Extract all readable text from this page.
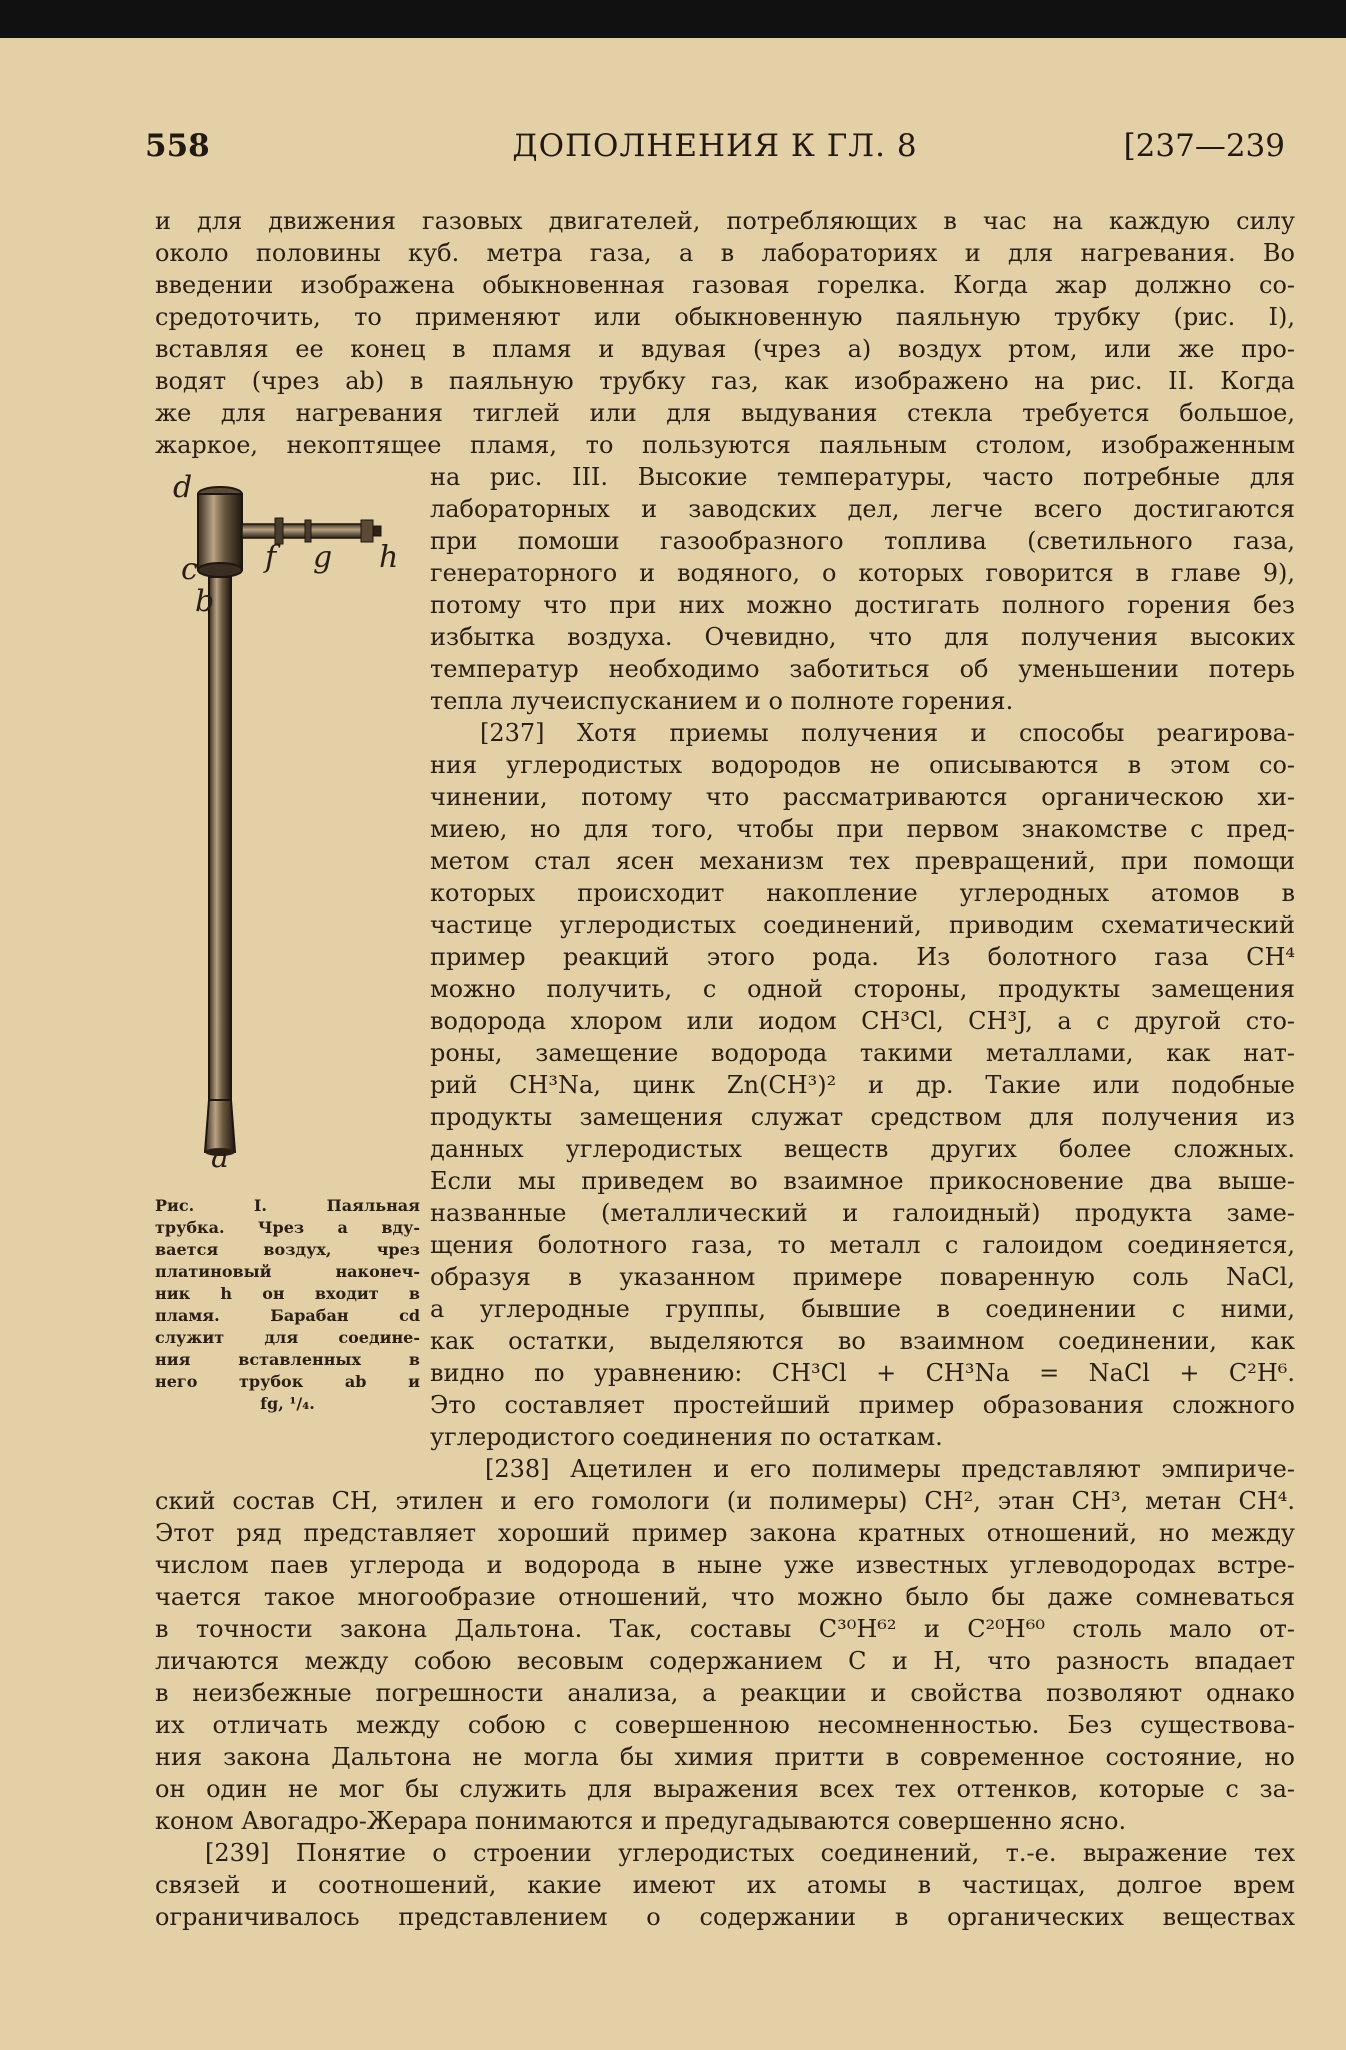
558	ДОПОЛНЕНИЯ К ГЛ. 8	[237—239
и для движения газовых двигателей, потребляющих в час на каждую силу
около половины куб. метра газа, а в лабораториях и для нагревания. Во
введении изображена обыкновенная газовая горелка. Когда жар должно со-
средоточить, то применяют или обыкновенную паяльную трубку (рис. I),
вставляя ее конец в пламя и вдувая (чрез a) воздух ртом, или же про-
водят (чрез ab) в паяльную трубку газ, как изображено на рис. II. Когда
же для нагревания тиглей или для выдувания стекла требуется большое,
жаркое, некоптящее пламя, то пользуются паяльным столом, изображенным
на рис. III. Высокие температуры, часто потребные для
лабораторных и заводских дел, легче всего достигаются
при помоши газообразного топлива (светильного газа,
генераторного и водяного, о которых говорится в главе 9),
потому что при них можно достигать полного горения без
избытка воздуха. Очевидно, что для получения высоких
температур необходимо заботиться об уменьшении потерь
тепла лучеиспусканием и о полноте горения.
[237] Хотя приемы получения и способы реагирова-
ния углеродистых водородов не описываются в этом со-
чинении, потому что рассматриваются органическою хи-
миею, но для того, чтобы при первом знакомстве с пред-
метом стал ясен механизм тех превращений, при помощи
которых происходит накопление углеродных атомов в
частице углеродистых соединений, приводим схематический
пример реакций этого рода. Из болотного газа CH⁴
можно получить, с одной стороны, продукты замещения
водорода хлором или иодом CH³Cl, CH³J, а с другой сто-
роны, замещение водорода такими металлами, как нат-
рий CH³Na, цинк Zn(CH³)² и др. Такие или подобные
продукты замещения служат средством для получения из
данных углеродистых веществ других более сложных.
Если мы приведем во взаимное прикосновение два выше-
названные (металлический и галоидный) продукта заме-
щения болотного газа, то металл с галоидом соединяется,
образуя в указанном примере поваренную соль NaCl,
а углеродные группы, бывшие в соединении с ними,
как остатки, выделяются во взаимном соединении, как
видно по уравнению: CH³Cl + CH³Na = NaCl + C²H⁶.
Это составляет простейший пример образования сложного
углеродистого соединения по остаткам.
[238] Ацетилен и его полимеры представляют эмпириче-
ский состав CH, этилен и его гомологи (и полимеры) CH², этан CH³, метан CH⁴.
Этот ряд представляет хороший пример закона кратных отношений, но между
числом паев углерода и водорода в ныне уже известных углеводородах встре-
чается такое многообразие отношений, что можно было бы даже сомневаться
в точности закона Дальтона. Так, составы C³⁰H⁶² и C²⁰H⁶⁰ столь мало от-
личаются между собою весовым содержанием C и H, что разность впадает
в неизбежные погрешности анализа, а реакции и свойства позволяют однако
их отличать между собою с совершенною несомненностью. Без существова-
ния закона Дальтона не могла бы химия притти в современное состояние, но
он один не мог бы служить для выражения всех тех оттенков, которые с за-
коном Авогадро-Жерара понимаются и предугадываются совершенно ясно.
[239] Понятие о строении углеродистых соединений, т.-е. выражение тех
связей и соотношений, какие имеют их атомы в частицах, долгое врем
ограничивалось представлением о содержании в органических веществах
d
c
b
f g h
a
Рис. I. Паяльная
трубка. Чрез a вду-
вается воздух, чрез
платиновый наконеч-
ник h он входит в
пламя. Барабан cd
служит для соедине-
ния вставленных в
него трубок ab и
fg, ¹/₄.
